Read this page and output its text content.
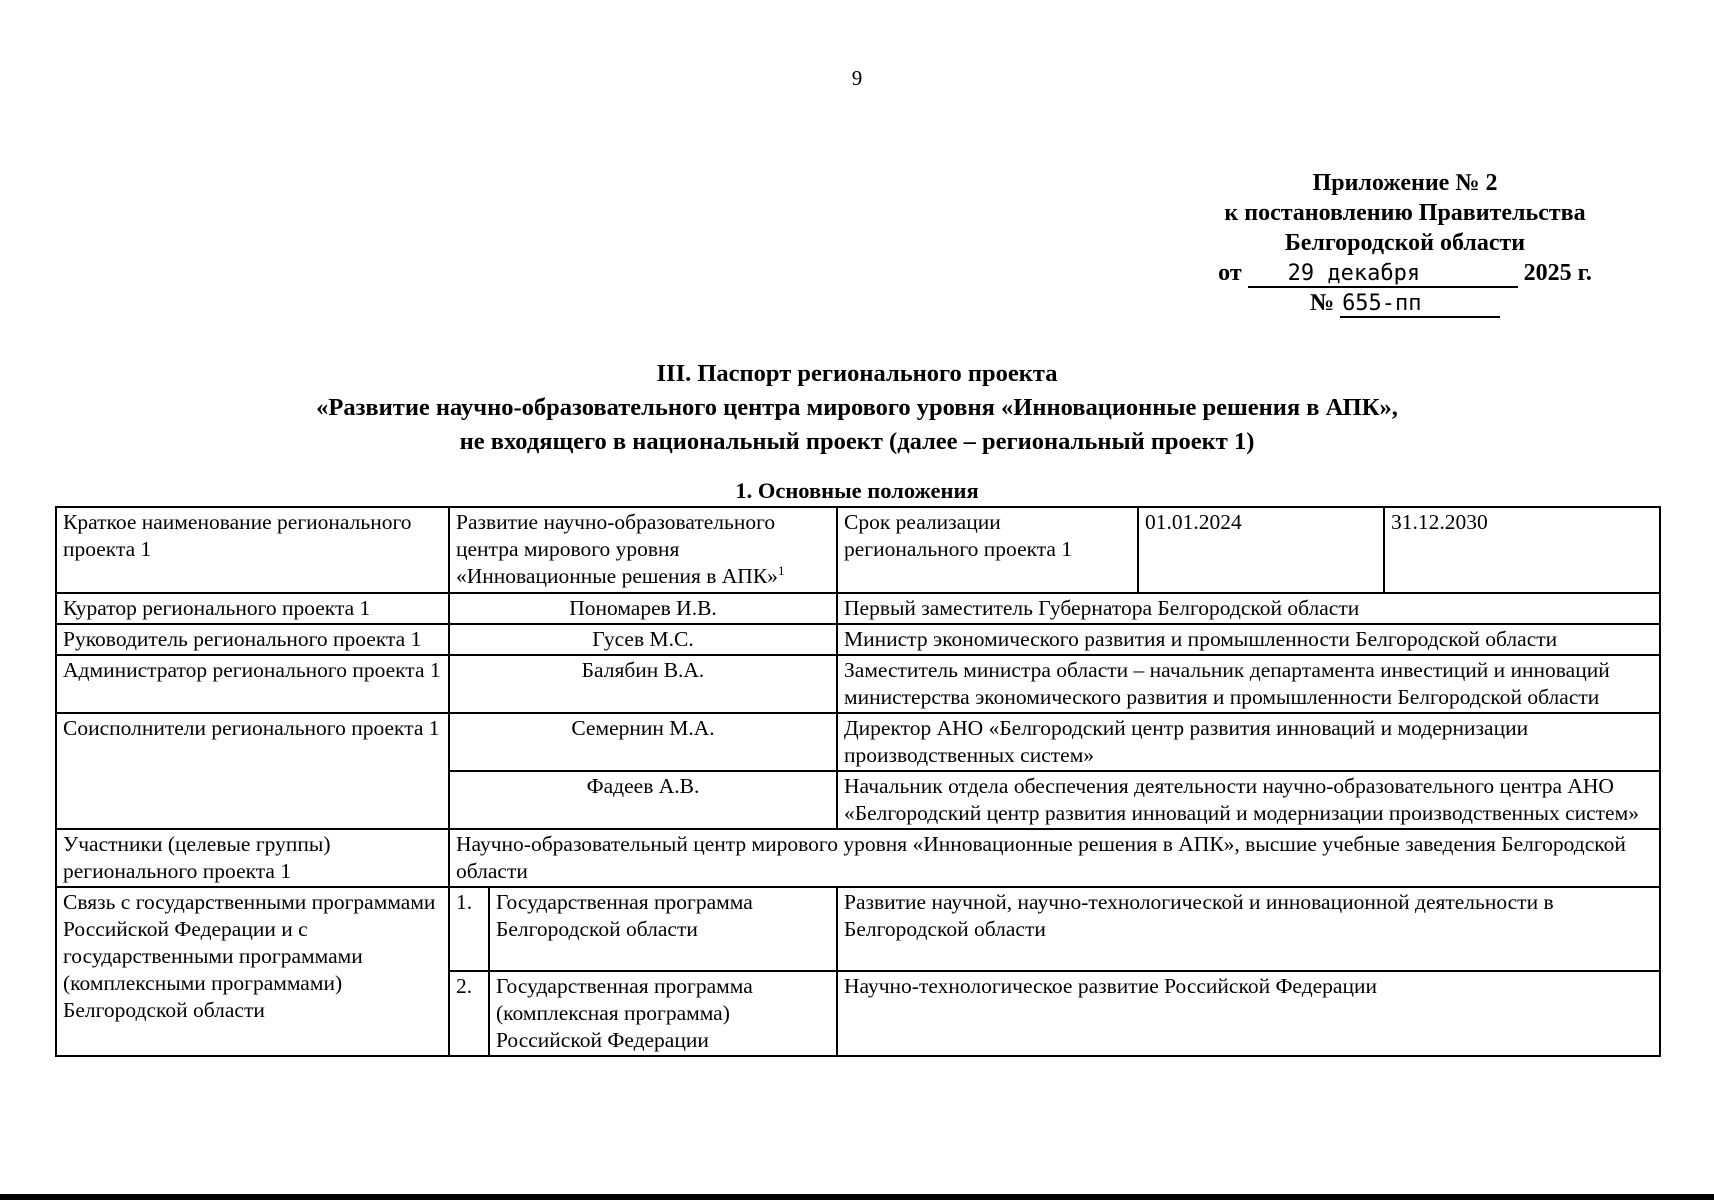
9
Приложение № 2
к постановлению Правительства
Белгородской области
от 29 декабря	2025 г.
№ 655-пп
III. Паспорт регионального проекта
«Развитие научно-образовательного центра мирового уровня «Инновационные решения в АПК»,
не входящего в национальный проект (далее – региональный проект 1)
1. Основные положения
Краткое наименование регионального проекта 1	Развитие научно-образовательного центра мирового уровня «Инновационные решения в АПК»$^1$		Срок реализации регионального проекта 1	01.01.2024	31.12.2030
Куратор регионального проекта 1	Пономарев И.В.		Первый заместитель Губернатора Белгородской области		
Руководитель регионального проекта 1	Гусев М.С.		Министр экономического развития и промышленности Белгородской области		
Администратор регионального проекта 1	Балябин В.А.		Заместитель министра области – начальник департамента инвестиций и инноваций министерства экономического развития и промышленности Белгородской области		
Соисполнители регионального проекта 1	Семернин М.А.		Директор АНО «Белгородский центр развития инноваций и модернизации производственных систем»		
	Фадеев А.В.		Начальник отдела обеспечения деятельности научно-образовательного центра АНО «Белгородский центр развития инноваций и модернизации производственных систем»		
Участники (целевые группы) регионального проекта 1	Научно-образовательный центр мирового уровня «Инновационные решения в АПК», высшие учебные заведения Белгородской области				
Связь с государственными программами Российской Федерации и с государственными программами (комплексными программами) Белгородской области	1.	Государственная программа Белгородской области	Развитие научной, научно-технологической и инновационной деятельности в Белгородской области		
	2.	Государственная программа (комплексная программа) Российской Федерации	Научно-технологическое развитие Российской Федерации		
